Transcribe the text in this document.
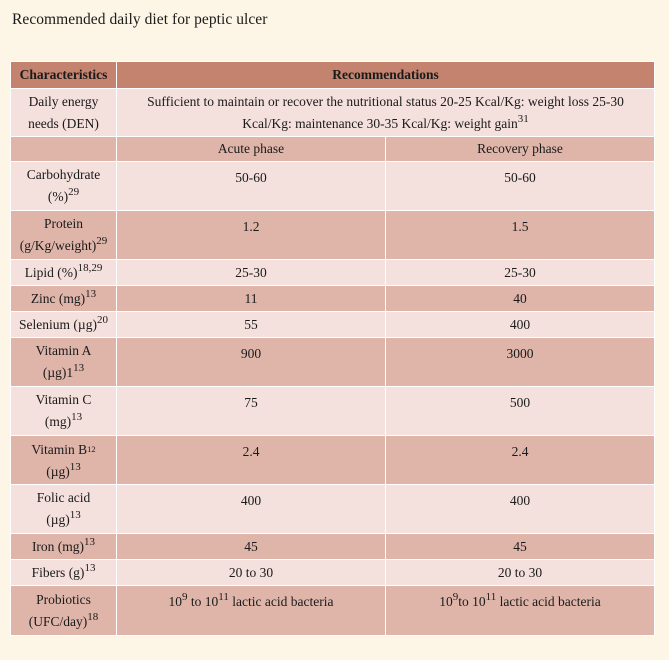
Recommended daily diet for peptic ulcer
Characteristics	Recommendations	
Daily energy
needs (DEN)	Sufficient to maintain or recover the nutritional status 20-25 Kcal/Kg: weight loss 25-30
Kcal/Kg: maintenance 30-35 Kcal/Kg: weight gain$^{31}$
	Acute phase	Recovery phase
Carbohydrate
(%)$^{29}$	50-60	50-60
Protein
(g/Kg/weight)$^{29}$	1.2	1.5
Lipid (%)$^{18,29}$	25-30	25-30
Zinc (mg)$^{13}$	11	40
Selenium $(\mu g)^{20}$	55	400
Vitamin A
$(\mu g)1^{13}$	900	3000
Vitamin C
(mg)$^{13}$	75	500
Vitamin B12
$(\mu g)^{13}$	2.4	2.4
Folic acid
$(\mu g)^{13}$	400	400
Iron (mg)$^{13}$	45	45
Fibers $(g)^{13}$	20 to 30	20 to 30
Probiotics
$(UFC/day)^{18}$	$10^9$ to $10^{11}$ lactic acid bacteria	$10^9to$ $10^{11}$ lactic acid bacteria
